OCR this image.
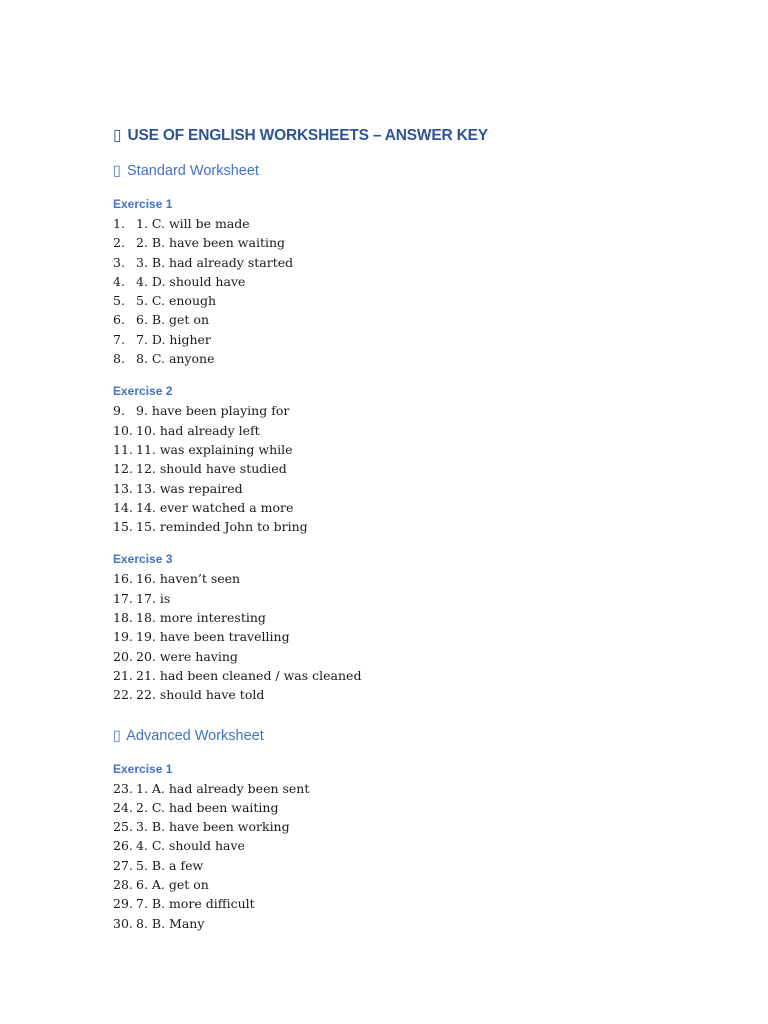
▯ USE OF ENGLISH WORKSHEETS – ANSWER KEY
▯ Standard Worksheet
Exercise 1
1. 1. C. will be made
2. 2. B. have been waiting
3. 3. B. had already started
4. 4. D. should have
5. 5. C. enough
6. 6. B. get on
7. 7. D. higher
8. 8. C. anyone
Exercise 2
9. 9. have been playing for
10. 10. had already left
11. 11. was explaining while
12. 12. should have studied
13. 13. was repaired
14. 14. ever watched a more
15. 15. reminded John to bring
Exercise 3
16. 16. haven’t seen
17. 17. is
18. 18. more interesting
19. 19. have been travelling
20. 20. were having
21. 21. had been cleaned / was cleaned
22. 22. should have told
▯ Advanced Worksheet
Exercise 1
23. 1. A. had already been sent
24. 2. C. had been waiting
25. 3. B. have been working
26. 4. C. should have
27. 5. B. a few
28. 6. A. get on
29. 7. B. more difficult
30. 8. B. Many
